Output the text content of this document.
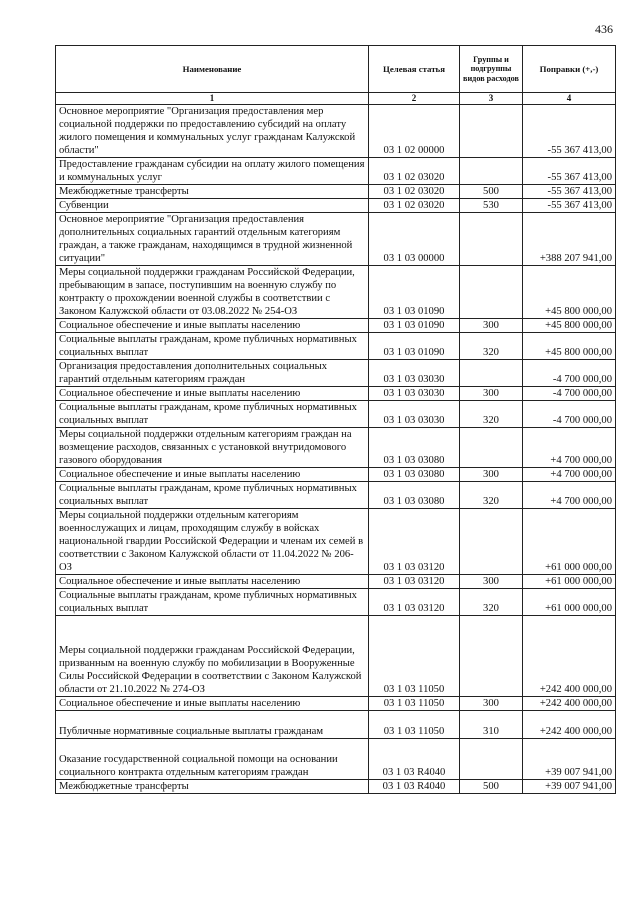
436
Наименование	Целевая статья	Группы и подгруппы видов расходов	Поправки (+,-)
1	2	3	4
Основное мероприятие "Организация предоставления мер социальной поддержки по предоставлению субсидий на оплату жилого помещения и коммунальных услуг гражданам Калужской области"	03 1 02 00000		-55 367 413,00
Предоставление гражданам субсидии на оплату жилого помещения и коммунальных услуг	03 1 02 03020		-55 367 413,00
Межбюджетные трансферты	03 1 02 03020	500	-55 367 413,00
Субвенции	03 1 02 03020	530	-55 367 413,00
Основное мероприятие "Организация предоставления дополнительных социальных гарантий отдельным категориям граждан, а также гражданам, находящимся в трудной жизненной ситуации"	03 1 03 00000		+388 207 941,00
Меры социальной поддержки гражданам Российской Федерации, пребывающим в запасе, поступившим на военную службу по контракту о прохождении военной службы в соответствии с Законом Калужской области от 03.08.2022 № 254-ОЗ	03 1 03 01090		+45 800 000,00
Социальное обеспечение и иные выплаты населению	03 1 03 01090	300	+45 800 000,00
Социальные выплаты гражданам, кроме публичных нормативных социальных выплат	03 1 03 01090	320	+45 800 000,00
Организация предоставления дополнительных социальных гарантий отдельным категориям граждан	03 1 03 03030		-4 700 000,00
Социальное обеспечение и иные выплаты населению	03 1 03 03030	300	-4 700 000,00
Социальные выплаты гражданам, кроме публичных нормативных социальных выплат	03 1 03 03030	320	-4 700 000,00
Меры социальной поддержки отдельным категориям граждан на возмещение расходов, связанных с установкой внутридомового газового оборудования	03 1 03 03080		+4 700 000,00
Социальное обеспечение и иные выплаты населению	03 1 03 03080	300	+4 700 000,00
Социальные выплаты гражданам, кроме публичных нормативных социальных выплат	03 1 03 03080	320	+4 700 000,00
Меры социальной поддержки отдельным категориям военнослужащих и лицам, проходящим службу в войсках национальной гвардии Российской Федерации и членам их семей в соответствии с Законом Калужской области от 11.04.2022 № 206-ОЗ	03 1 03 03120		+61 000 000,00
Социальное обеспечение и иные выплаты населению	03 1 03 03120	300	+61 000 000,00
Социальные выплаты гражданам, кроме публичных нормативных социальных выплат	03 1 03 03120	320	+61 000 000,00
Меры социальной поддержки гражданам Российской Федерации, призванным на военную службу по мобилизации в Вооруженные Силы Российской Федерации в соответствии с Законом Калужской области от 21.10.2022 № 274-ОЗ	03 1 03 11050		+242 400 000,00
Социальное обеспечение и иные выплаты населению	03 1 03 11050	300	+242 400 000,00
Публичные нормативные социальные выплаты гражданам	03 1 03 11050	310	+242 400 000,00
Оказание государственной социальной помощи на основании социального контракта отдельным категориям граждан	03 1 03 R4040		+39 007 941,00
Межбюджетные трансферты	03 1 03 R4040	500	+39 007 941,00
